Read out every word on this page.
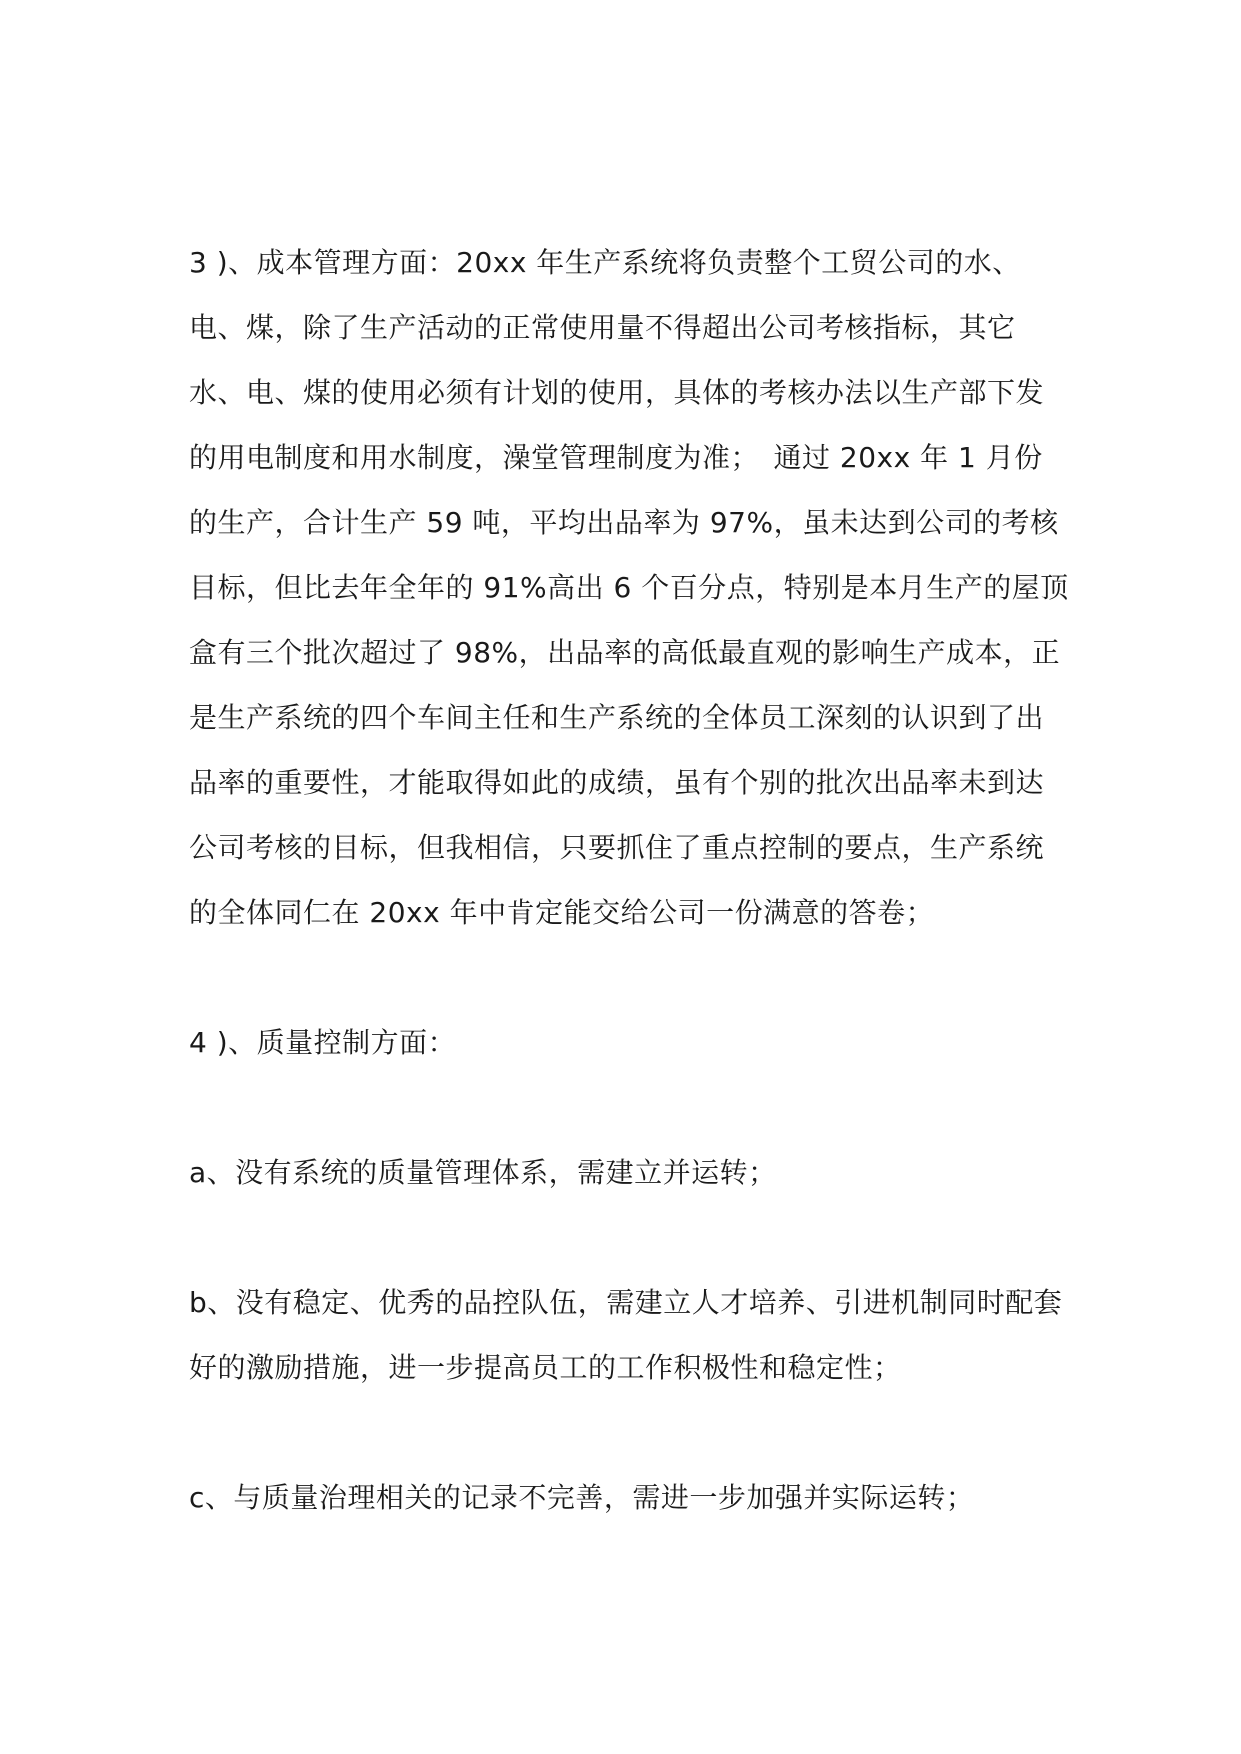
3 )、成本管理方面：20xx 年生产系统将负责整个工贸公司的水、电、煤，除了生产活动的正常使用量不得超出公司考核指标，其它水、电、煤的使用必须有计划的使用，具体的考核办法以生产部下发的用电制度和用水制度，澡堂管理制度为准；　通过 20xx 年 1 月份的生产，合计生产 59 吨，平均出品率为 97%，虽未达到公司的考核目标，但比去年全年的 91%高出 6 个百分点，特别是本月生产的屋顶盒有三个批次超过了 98%，出品率的高低最直观的影响生产成本，正是生产系统的四个车间主任和生产系统的全体员工深刻的认识到了出品率的重要性，才能取得如此的成绩，虽有个别的批次出品率未到达公司考核的目标，但我相信，只要抓住了重点控制的要点，生产系统的全体同仁在 20xx 年中肯定能交给公司一份满意的答卷；

4 )、质量控制方面：

a、没有系统的质量管理体系，需建立并运转；

b、没有稳定、优秀的品控队伍，需建立人才培养、引进机制同时配套好的激励措施，进一步提高员工的工作积极性和稳定性；

c、与质量治理相关的记录不完善，需进一步加强并实际运转；
